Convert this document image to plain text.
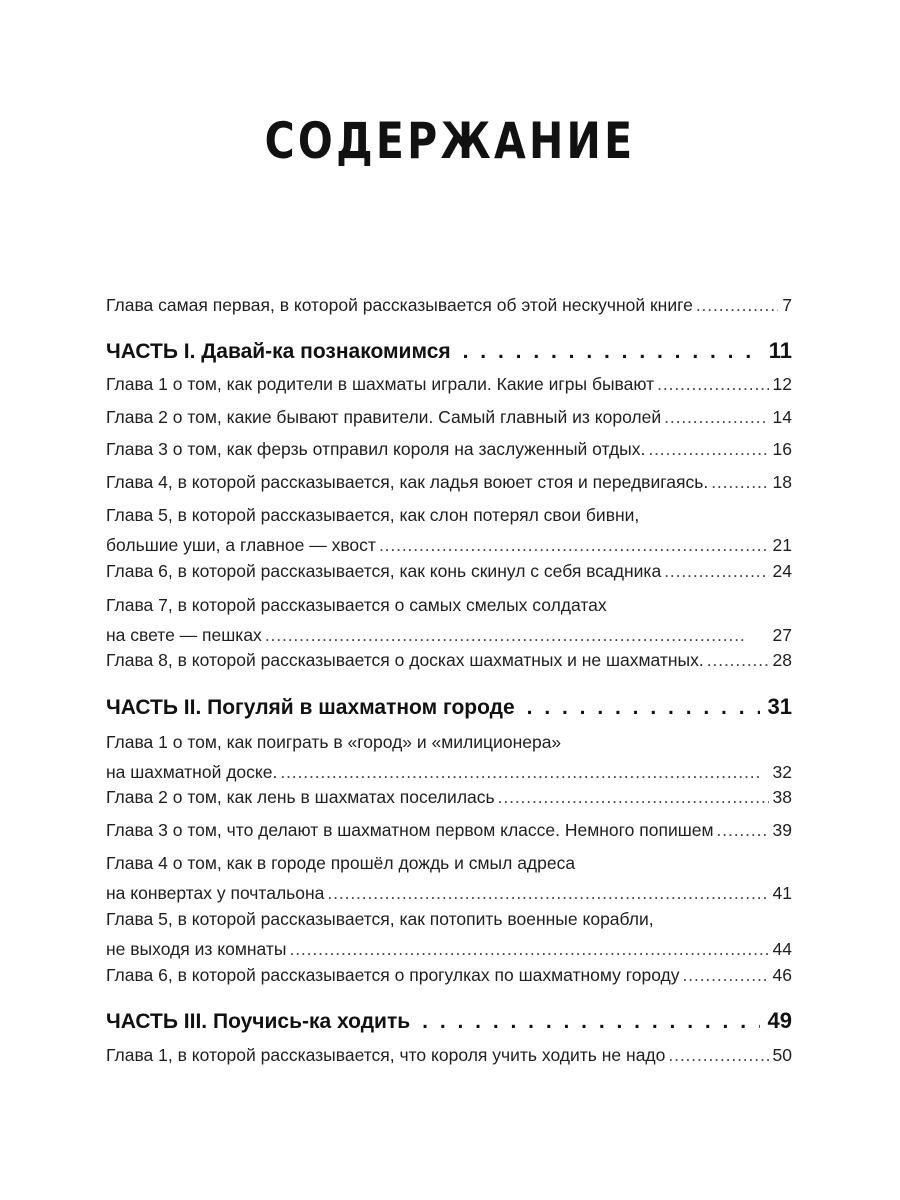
СОДЕРЖАНИЕ
Глава самая первая, в которой рассказывается об этой нескучной книге . . .	7
ЧАСТЬ I. Давай-ка познакомимся . . .	11
Глава 1 о том, как родители в шахматы играли. Какие игры бывают . . .	12
Глава 2 о том, какие бывают правители. Самый главный из королей . . .	14
Глава 3 о том, как ферзь отправил короля на заслуженный отдых. . . .	16
Глава 4, в которой рассказывается, как ладья воюет стоя и передвигаясь. . . .	18
Глава 5, в которой рассказывается, как слон потерял свои бивни,
большие уши, а главное — хвост . . .	21
Глава 6, в которой рассказывается, как конь скинул с себя всадника . . .	24
Глава 7, в которой рассказывается о самых смелых солдатах
на свете — пешках . . .	27
Глава 8, в которой рассказывается о досках шахматных и не шахматных. . . .	28
ЧАСТЬ II. Погуляй в шахматном городе . . .	31
Глава 1 о том, как поиграть в «город» и «милиционера»
на шахматной доске. . . .	32
Глава 2 о том, как лень в шахматах поселилась . . .	38
Глава 3 о том, что делают в шахматном первом классе. Немного попишем . . .	39
Глава 4 о том, как в городе прошёл дождь и смыл адреса
на конвертах у почтальона . . .	41
Глава 5, в которой рассказывается, как потопить военные корабли,
не выходя из комнаты . . .	44
Глава 6, в которой рассказывается о прогулках по шахматному городу . . .	46
ЧАСТЬ III. Поучись-ка ходить . . .	49
Глава 1, в которой рассказывается, что короля учить ходить не надо . . .	50
